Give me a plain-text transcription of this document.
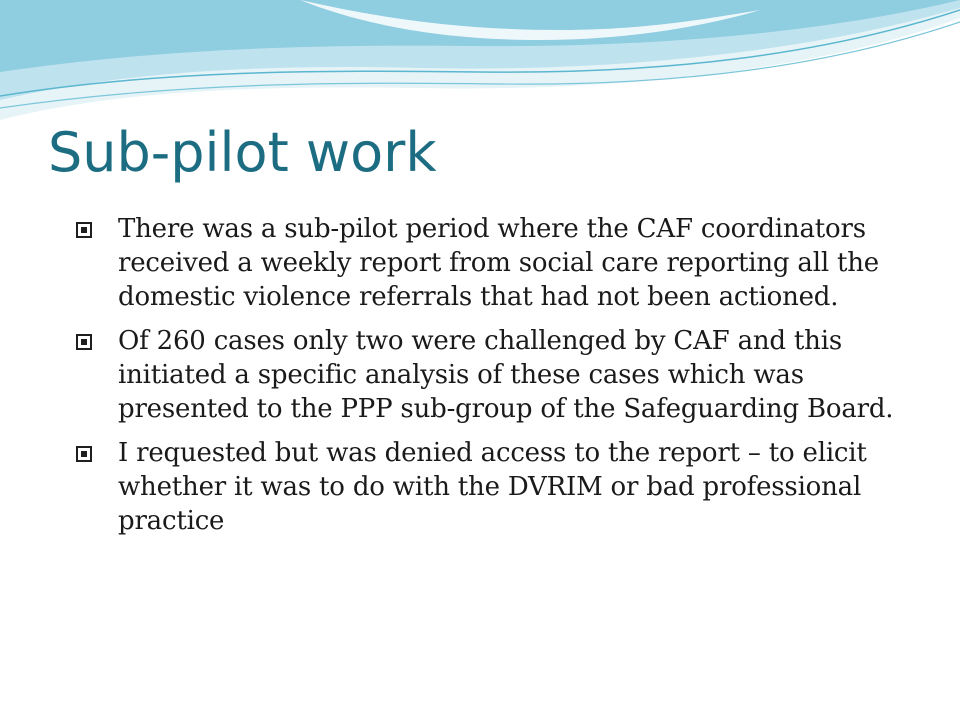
Sub-pilot work
There was a sub-pilot period where the CAF coordinators received a weekly report from social care reporting all the domestic violence referrals that had not been actioned.
Of 260 cases only two were challenged by CAF and this initiated a specific analysis of these cases which was presented to the PPP sub-group of the Safeguarding Board.
I requested but was denied access to the report – to elicit whether it was to do with the DVRIM or bad professional practice
